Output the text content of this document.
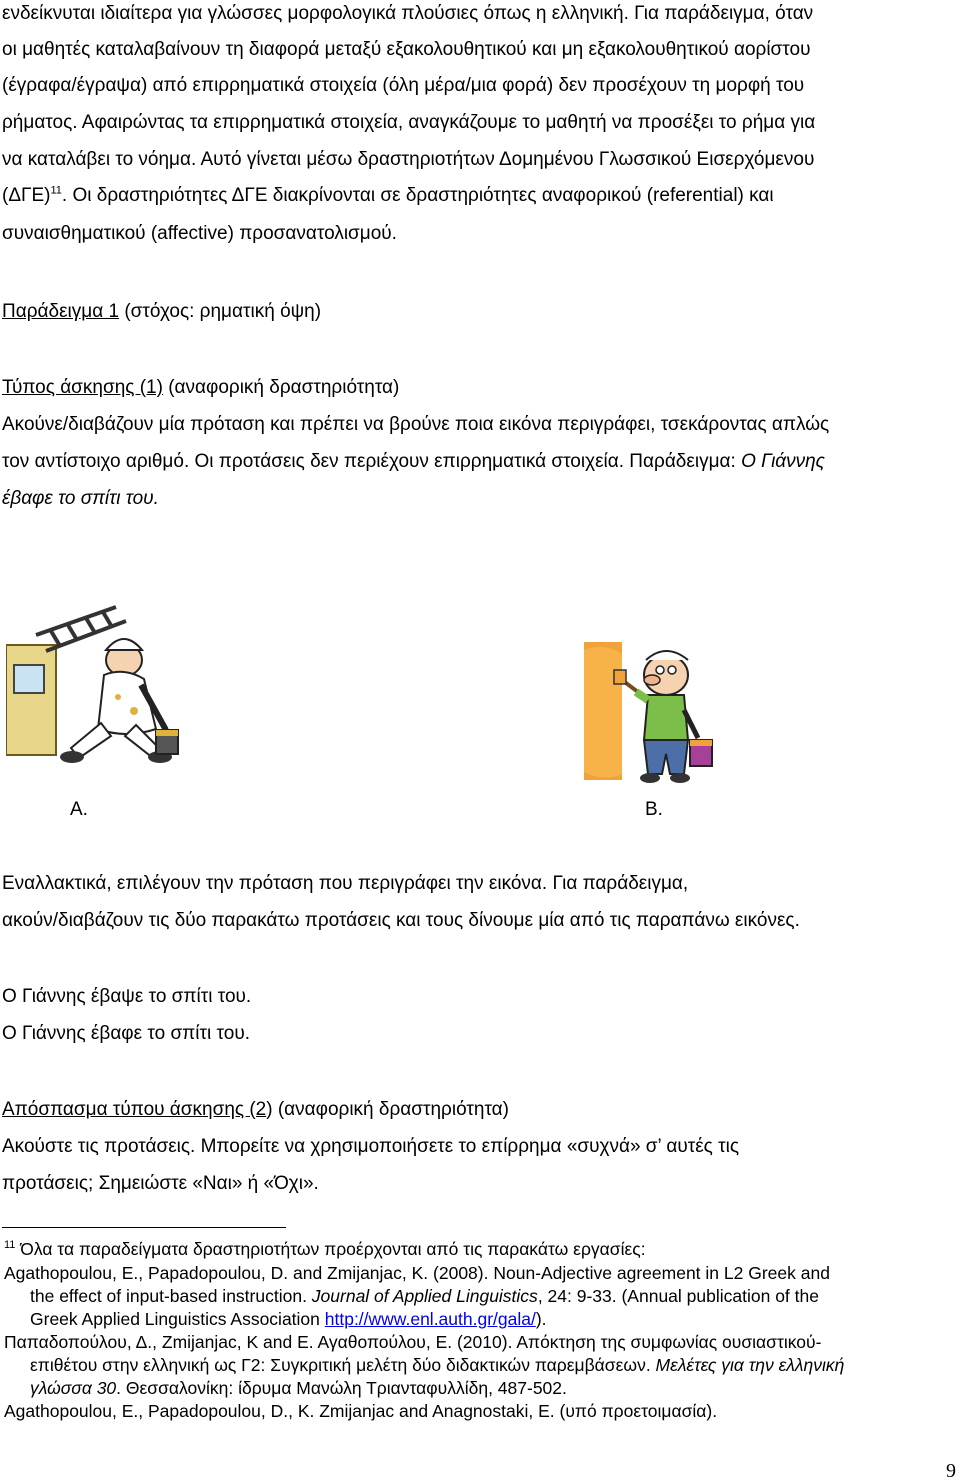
ενδείκνυται ιδιαίτερα για γλώσσες μορφολογικά πλούσιες όπως η ελληνική. Για παράδειγμα, όταν
οι μαθητές καταλαβαίνουν τη διαφορά μεταξύ εξακολουθητικού και μη εξακολουθητικού αορίστου
(έγραφα/έγραψα) από επιρρηματικά στοιχεία (όλη μέρα/μια φορά) δεν προσέχουν τη μορφή του
ρήματος. Αφαιρώντας τα επιρρηματικά στοιχεία, αναγκάζουμε το μαθητή να προσέξει το ρήμα για
να καταλάβει το νόημα. Αυτό γίνεται μέσω δραστηριοτήτων Δομημένου Γλωσσικού Εισερχόμενου
$(\Delta\Gamma E)^{11}$. Οι δραστηριότητες ΔΓΕ διακρίνονται σε δραστηριότητες αναφορικού (referential) και
συναισθηματικού (affective) προσανατολισμού.
Παράδειγμα 1 (στόχος: ρηματική όψη)
Τύπος άσκησης (1) (αναφορική δραστηριότητα)
Ακούνε/διαβάζουν μία πρόταση και πρέπει να βρούνε ποια εικόνα περιγράφει, τσεκάροντας απλώς
τον αντίστοιχο αριθμό. Οι προτάσεις δεν περιέχουν επιρρηματικά στοιχεία. Παράδειγμα: Ο Γιάννης
έβαφε το σπίτι του.
Α.	Β.
Εναλλακτικά, επιλέγουν την πρόταση που περιγράφει την εικόνα. Για παράδειγμα,
ακούν/διαβάζουν τις δύο παρακάτω προτάσεις και τους δίνουμε μία από τις παραπάνω εικόνες.
Ο Γιάννης έβαψε το σπίτι του.
Ο Γιάννης έβαφε το σπίτι του.
Απόσπασμα τύπου άσκησης (2) (αναφορική δραστηριότητα)
Ακούστε τις προτάσεις. Μπορείτε να χρησιμοποιήσετε το επίρρημα «συχνά» σ’ αυτές τις
προτάσεις; Σημειώστε «Ναι» ή «Όχι».
$^{11}$ Όλα τα παραδείγματα δραστηριοτήτων προέρχονται από τις παρακάτω εργασίες:
Agathopoulou, E., Papadopoulou, D. and Zmijanjac, K. (2008). Noun-Adjective agreement in L2 Greek and
the effect of input-based instruction. Journal of Applied Linguistics, 24: 9-33. (Annual publication of the
Greek Applied Linguistics Association http://www.enl.auth.gr/gala/).
Παπαδοπούλου, Δ., Zmijanjac, K and Ε. Αγαθοπούλου, Ε. (2010). Απόκτηση της συμφωνίας ουσιαστικού-
επιθέτου στην ελληνική ως Γ2: Συγκριτική μελέτη δύο διδακτικών παρεμβάσεων. Μελέτες για την ελληνική
γλώσσα 30. Θεσσαλονίκη: ίδρυμα Μανώλη Τριανταφυλλίδη, 487-502.
Agathopoulou, E., Papadopoulou, D., K. Zmijanjac and Anagnostaki, E. (υπό προετοιμασία).
9
